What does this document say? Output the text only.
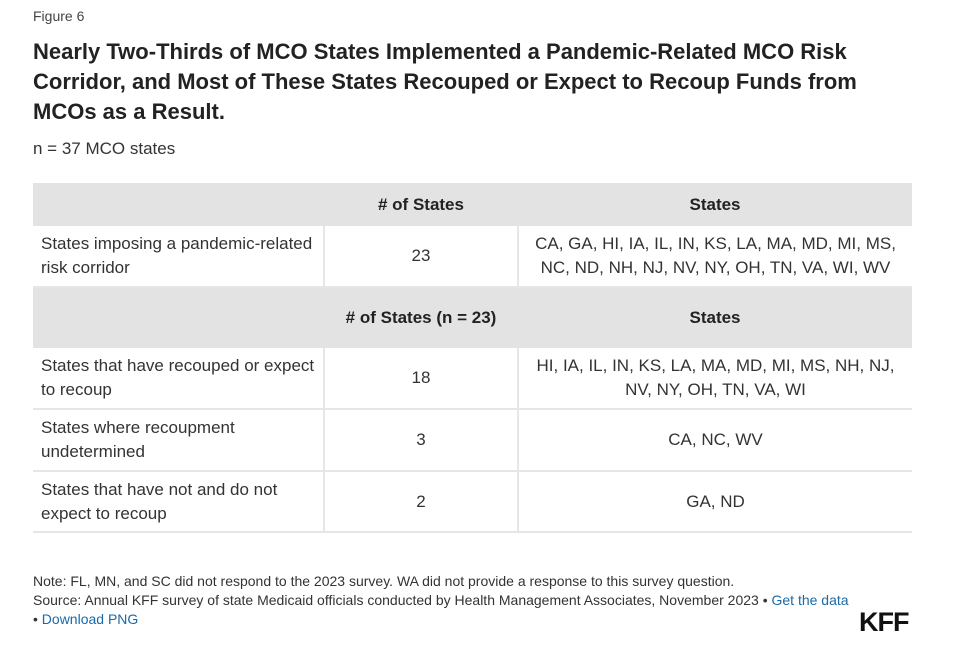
Figure 6
Nearly Two-Thirds of MCO States Implemented a Pandemic-Related MCO Risk Corridor, and Most of These States Recouped or Expect to Recoup Funds from MCOs as a Result.
n = 37 MCO states
	# of States	States
States imposing a pandemic-related risk corridor	23	CA, GA, HI, IA, IL, IN, KS, LA, MA, MD, MI, MS, NC, ND, NH, NJ, NV, NY, OH, TN, VA, WI, WV
	# of States (n = 23)	States
States that have recouped or expect to recoup	18	HI, IA, IL, IN, KS, LA, MA, MD, MI, MS, NH, NJ, NV, NY, OH, TN, VA, WI
States where recoupment undetermined	3	CA, NC, WV
States that have not and do not expect to recoup	2	GA, ND
Note: FL, MN, and SC did not respond to the 2023 survey. WA did not provide a response to this survey question.
Source: Annual KFF survey of state Medicaid officials conducted by Health Management Associates, November 2023 • Get the data • Download PNG	KFF
